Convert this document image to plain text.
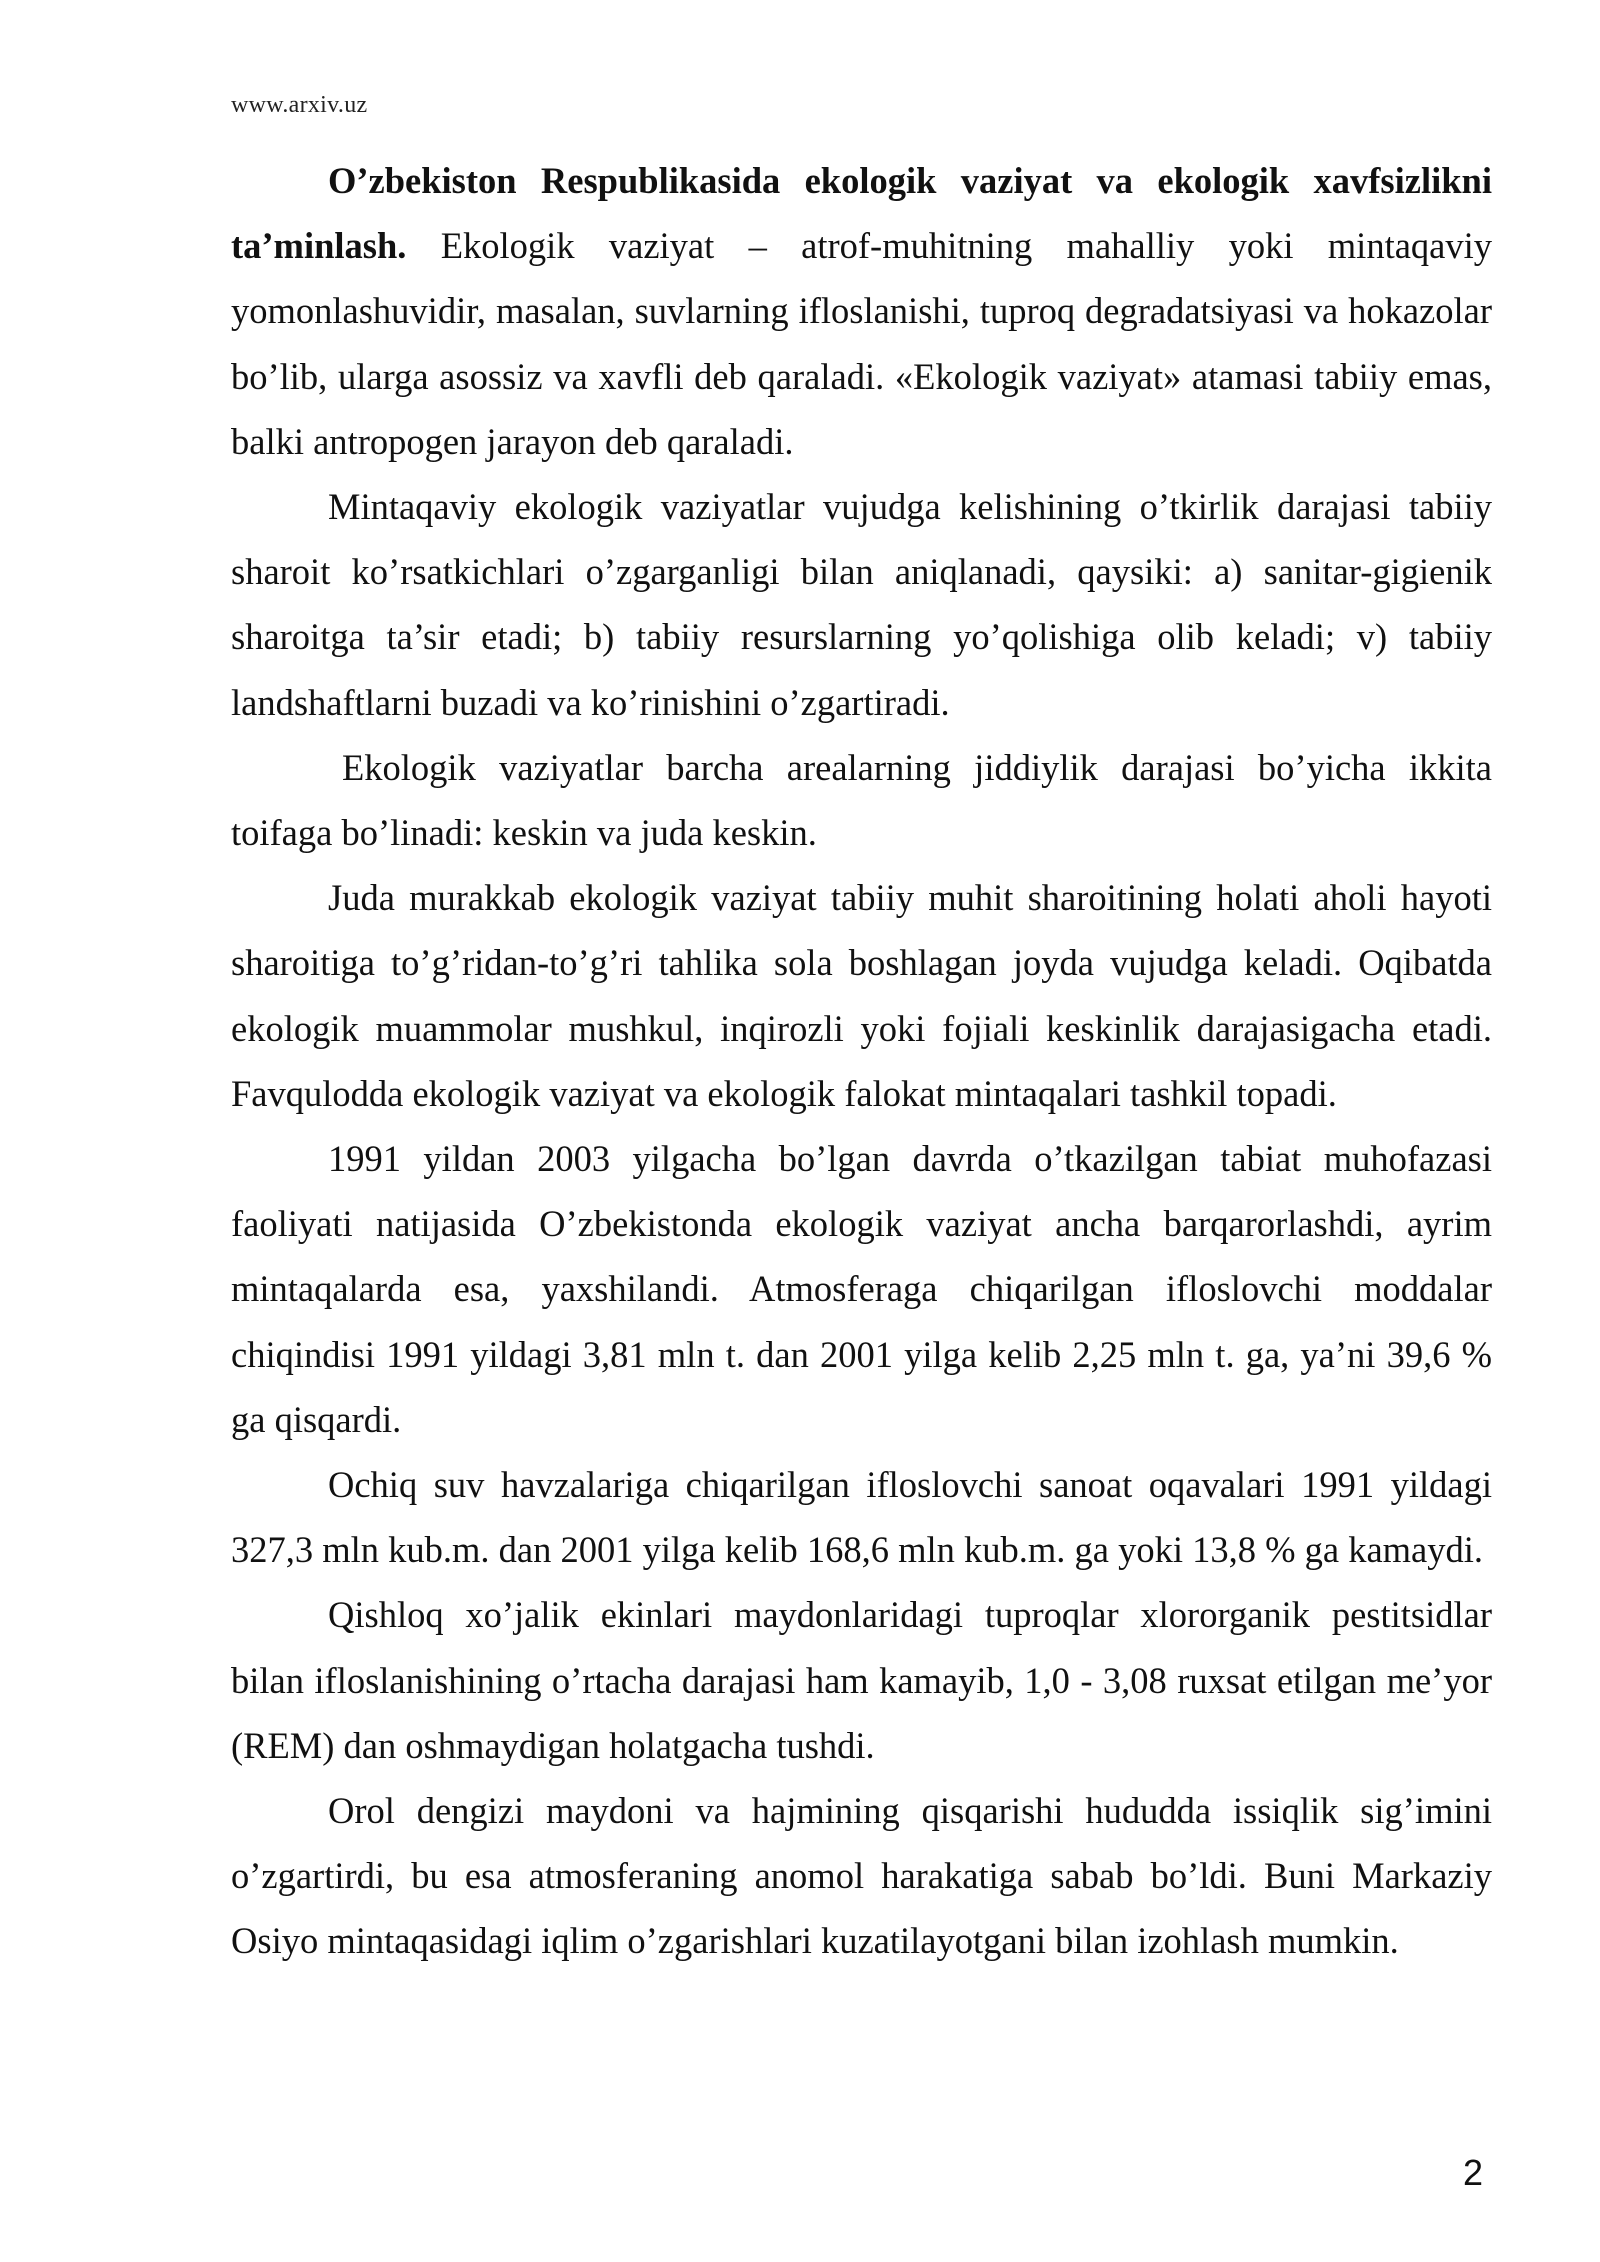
www.arxiv.uz

O’zbekiston Respublikasida ekologik vaziyat va ekologik xavfsizlikni ta’minlash. Ekologik vaziyat – atrof-muhitning mahalliy yoki mintaqaviy yomonlashuvidir, masalan, suvlarning ifloslanishi, tuproq degradatsiyasi va hokazolar bo’lib, ularga asossiz va xavfli deb qaraladi. «Ekologik vaziyat» atamasi tabiiy emas, balki antropogen jarayon deb qaraladi.

Mintaqaviy ekologik vaziyatlar vujudga kelishining o’tkirlik darajasi tabiiy sharoit ko’rsatkichlari o’zgarganligi bilan aniqlanadi, qaysiki: a) sanitar-gigienik sharoitga ta’sir etadi; b) tabiiy resurslarning yo’qolishiga olib keladi; v) tabiiy landshaftlarni buzadi va ko’rinishini o’zgartiradi.

Ekologik vaziyatlar barcha arealarning jiddiylik darajasi bo’yicha ikkita toifaga bo’linadi: keskin va juda keskin.

Juda murakkab ekologik vaziyat tabiiy muhit sharoitining holati aholi hayoti sharoitiga to’g’ridan-to’g’ri tahlika sola boshlagan joyda vujudga keladi. Oqibatda ekologik muammolar mushkul, inqirozli yoki fojiali keskinlik darajasigacha etadi. Favqulodda ekologik vaziyat va ekologik falokat mintaqalari tashkil topadi.

1991 yildan 2003 yilgacha bo’lgan davrda o’tkazilgan tabiat muhofazasi faoliyati natijasida O’zbekistonda ekologik vaziyat ancha barqarorlashdi, ayrim mintaqalarda esa, yaxshilandi. Atmosferaga chiqarilgan ifloslovchi moddalar chiqindisi 1991 yildagi 3,81 mln t. dan 2001 yilga kelib 2,25 mln t. ga, ya’ni 39,6 % ga qisqardi.

Ochiq suv havzalariga chiqarilgan ifloslovchi sanoat oqavalari 1991 yildagi 327,3 mln kub.m. dan 2001 yilga kelib 168,6 mln kub.m. ga yoki 13,8 % ga kamaydi.

Qishloq xo’jalik ekinlari maydonlaridagi tuproqlar xlororganik pestitsidlar bilan ifloslanishining o’rtacha darajasi ham kamayib, 1,0 - 3,08 ruxsat etilgan me’yor (REM) dan oshmaydigan holatgacha tushdi.

Orol dengizi maydoni va hajmining qisqarishi hududda issiqlik sig’imini o’zgartirdi, bu esa atmosferaning anomol harakatiga sabab bo’ldi. Buni Markaziy Osiyo mintaqasidagi iqlim o’zgarishlari kuzatilayotgani bilan izohlash mumkin.

2
